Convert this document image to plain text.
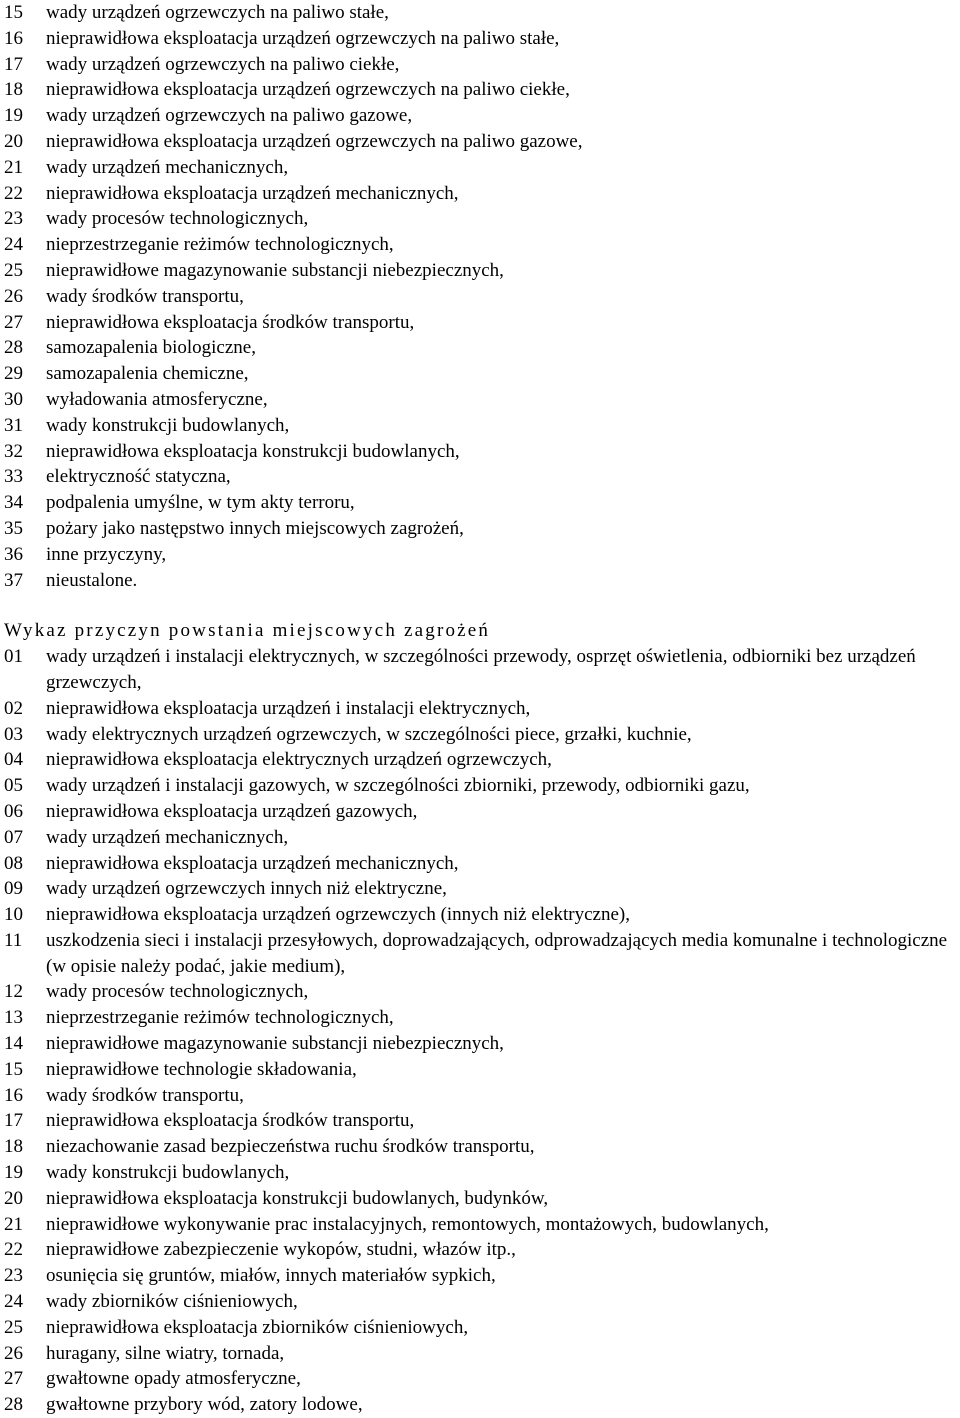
15	wady urządzeń ogrzewczych na paliwo stałe,
16	nieprawidłowa eksploatacja urządzeń ogrzewczych na paliwo stałe,
17	wady urządzeń ogrzewczych na paliwo ciekłe,
18	nieprawidłowa eksploatacja urządzeń ogrzewczych na paliwo ciekłe,
19	wady urządzeń ogrzewczych na paliwo gazowe,
20	nieprawidłowa eksploatacja urządzeń ogrzewczych na paliwo gazowe,
21	wady urządzeń mechanicznych,
22	nieprawidłowa eksploatacja urządzeń mechanicznych,
23	wady procesów technologicznych,
24	nieprzestrzeganie reżimów technologicznych,
25	nieprawidłowe magazynowanie substancji niebezpiecznych,
26	wady środków transportu,
27	nieprawidłowa eksploatacja środków transportu,
28	samozapalenia biologiczne,
29	samozapalenia chemiczne,
30	wyładowania atmosferyczne,
31	wady konstrukcji budowlanych,
32	nieprawidłowa eksploatacja konstrukcji budowlanych,
33	elektryczność statyczna,
34	podpalenia umyślne, w tym akty terroru,
35	pożary jako następstwo innych miejscowych zagrożeń,
36	inne przyczyny,
37	nieustalone.
Wykaz przyczyn powstania miejscowych zagrożeń
01	wady urządzeń i instalacji elektrycznych, w szczególności przewody, osprzęt oświetlenia, odbiorniki bez urządzeń grzewczych,
02	nieprawidłowa eksploatacja urządzeń i instalacji elektrycznych,
03	wady elektrycznych urządzeń ogrzewczych, w szczególności piece, grzałki, kuchnie,
04	nieprawidłowa eksploatacja elektrycznych urządzeń ogrzewczych,
05	wady urządzeń i instalacji gazowych, w szczególności zbiorniki, przewody, odbiorniki gazu,
06	nieprawidłowa eksploatacja urządzeń gazowych,
07	wady urządzeń mechanicznych,
08	nieprawidłowa eksploatacja urządzeń mechanicznych,
09	wady urządzeń ogrzewczych innych niż elektryczne,
10	nieprawidłowa eksploatacja urządzeń ogrzewczych (innych niż elektryczne),
11	uszkodzenia sieci i instalacji przesyłowych, doprowadzających, odprowadzających media komunalne i technologiczne (w opisie należy podać, jakie medium),
12	wady procesów technologicznych,
13	nieprzestrzeganie reżimów technologicznych,
14	nieprawidłowe magazynowanie substancji niebezpiecznych,
15	nieprawidłowe technologie składowania,
16	wady środków transportu,
17	nieprawidłowa eksploatacja środków transportu,
18	niezachowanie zasad bezpieczeństwa ruchu środków transportu,
19	wady konstrukcji budowlanych,
20	nieprawidłowa eksploatacja konstrukcji budowlanych, budynków,
21	nieprawidłowe wykonywanie prac instalacyjnych, remontowych, montażowych, budowlanych,
22	nieprawidłowe zabezpieczenie wykopów, studni, włazów itp.,
23	osunięcia się gruntów, miałów, innych materiałów sypkich,
24	wady zbiorników ciśnieniowych,
25	nieprawidłowa eksploatacja zbiorników ciśnieniowych,
26	huragany, silne wiatry, tornada,
27	gwałtowne opady atmosferyczne,
28	gwałtowne przybory wód, zatory lodowe,
